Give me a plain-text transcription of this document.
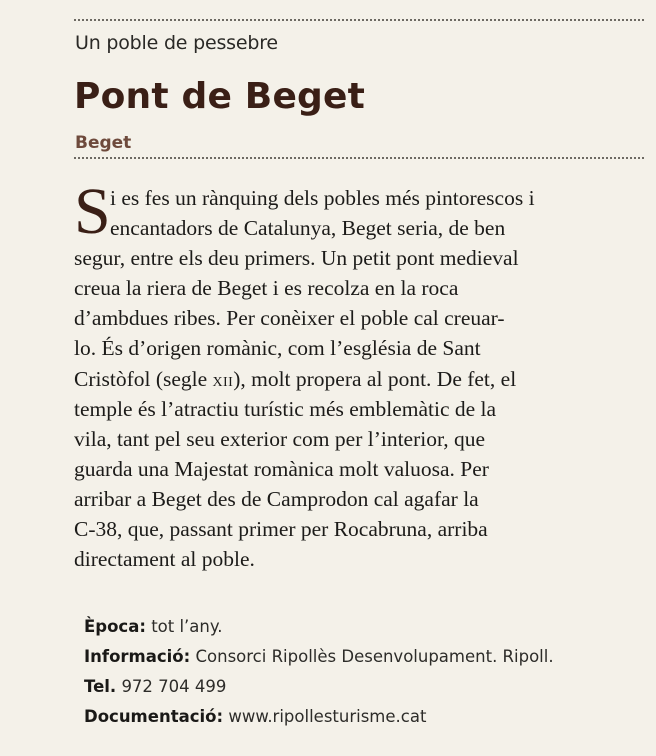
Un poble de pessebre
Pont de Beget
Beget
S i es fes un rànquing dels pobles més pintorescos i
encantadors de Catalunya, Beget seria, de ben
segur, entre els deu primers. Un petit pont medieval
creua la riera de Beget i es recolza en la roca
d’ambdues ribes. Per conèixer el poble cal creuar-
lo. És d’origen romànic, com l’església de Sant
Cristòfol (segle XII), molt propera al pont. De fet, el
temple és l’atractiu turístic més emblemàtic de la
vila, tant pel seu exterior com per l’interior, que
guarda una Majestat romànica molt valuosa. Per
arribar a Beget des de Camprodon cal agafar la
C-38, que, passant primer per Rocabruna, arriba
directament al poble.
Època: tot l’any.
Informació: Consorci Ripollès Desenvolupament. Ripoll.
Tel. 972 704 499
Documentació: www.ripollesturisme.cat
